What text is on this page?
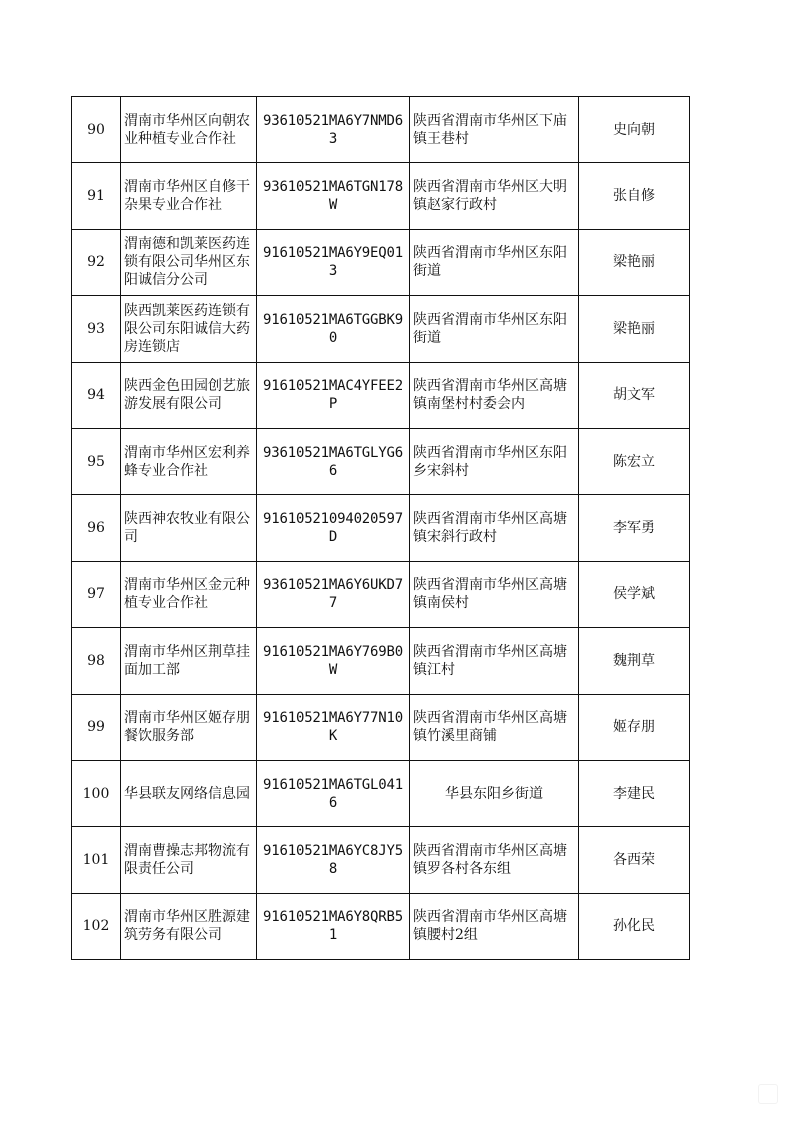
90	渭南市华州区向朝农业种植专业合作社	93610521MA6Y7NMD63	陕西省渭南市华州区下庙镇王巷村	史向朝
91	渭南市华州区自修干杂果专业合作社	93610521MA6TGN178W	陕西省渭南市华州区大明镇赵家行政村	张自修
92	渭南德和凯莱医药连锁有限公司华州区东阳诚信分公司	91610521MA6Y9EQ013	陕西省渭南市华州区东阳街道	梁艳丽
93	陕西凯莱医药连锁有限公司东阳诚信大药房连锁店	91610521MA6TGGBK90	陕西省渭南市华州区东阳街道	梁艳丽
94	陕西金色田园创艺旅游发展有限公司	91610521MAC4YFEE2P	陕西省渭南市华州区高塘镇南堡村村委会内	胡文军
95	渭南市华州区宏利养蜂专业合作社	93610521MA6TGLYG66	陕西省渭南市华州区东阳乡宋斜村	陈宏立
96	陕西神农牧业有限公司	91610521094020597D	陕西省渭南市华州区高塘镇宋斜行政村	李军勇
97	渭南市华州区金元种植专业合作社	93610521MA6Y6UKD77	陕西省渭南市华州区高塘镇南侯村	侯学斌
98	渭南市华州区荆草挂面加工部	91610521MA6Y769B0W	陕西省渭南市华州区高塘镇江村	魏荆草
99	渭南市华州区姬存朋餐饮服务部	91610521MA6Y77N10K	陕西省渭南市华州区高塘镇竹溪里商铺	姬存朋
100	华县联友网络信息园	91610521MA6TGL0416	华县东阳乡街道	李建民
101	渭南曹操志邦物流有限责任公司	91610521MA6YC8JY58	陕西省渭南市华州区高塘镇罗各村各东组	各西荣
102	渭南市华州区胜源建筑劳务有限公司	91610521MA6Y8QRB51	陕西省渭南市华州区高塘镇腰村2组	孙化民
